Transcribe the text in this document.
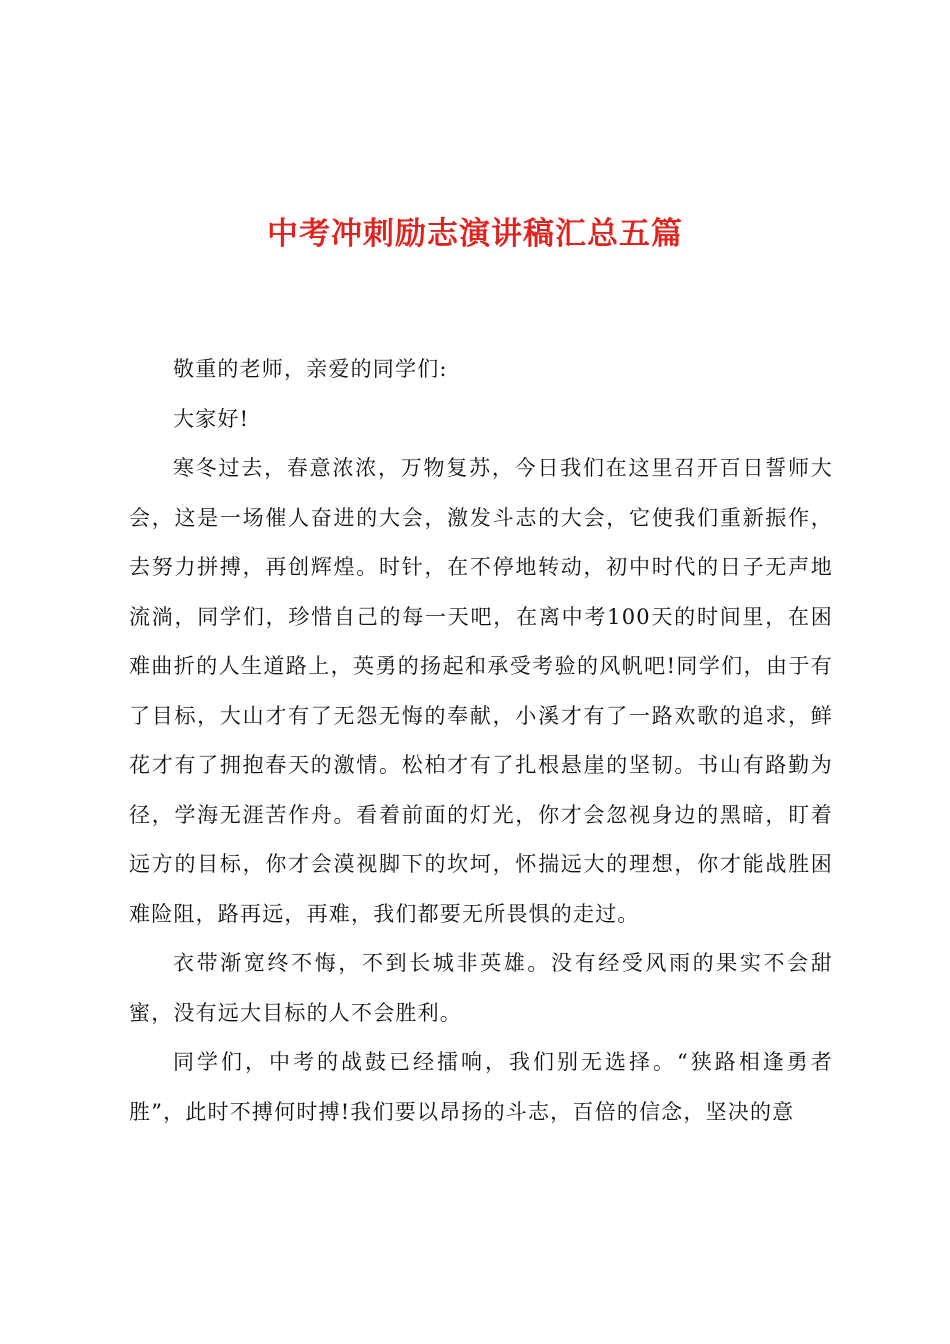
中考冲刺励志演讲稿汇总五篇

敬重的老师，亲爱的同学们:

大家好!

寒冬过去，春意浓浓，万物复苏，今日我们在这里召开百日誓师大会，这是一场催人奋进的大会，激发斗志的大会，它使我们重新振作，去努力拼搏，再创辉煌。时针，在不停地转动，初中时代的日子无声地流淌，同学们，珍惜自己的每一天吧，在离中考100天的时间里，在困难曲折的人生道路上，英勇的扬起和承受考验的风帆吧!同学们，由于有了目标，大山才有了无怨无悔的奉献，小溪才有了一路欢歌的追求，鲜花才有了拥抱春天的激情。松柏才有了扎根悬崖的坚韧。书山有路勤为径，学海无涯苦作舟。看着前面的灯光，你才会忽视身边的黑暗，盯着远方的目标，你才会漠视脚下的坎坷，怀揣远大的理想，你才能战胜困难险阻，路再远，再难，我们都要无所畏惧的走过。

衣带渐宽终不悔，不到长城非英雄。没有经受风雨的果实不会甜蜜，没有远大目标的人不会胜利。

同学们，中考的战鼓已经擂响，我们别无选择。“狭路相逢勇者胜”，此时不搏何时搏!我们要以昂扬的斗志，百倍的信念，坚决的意
